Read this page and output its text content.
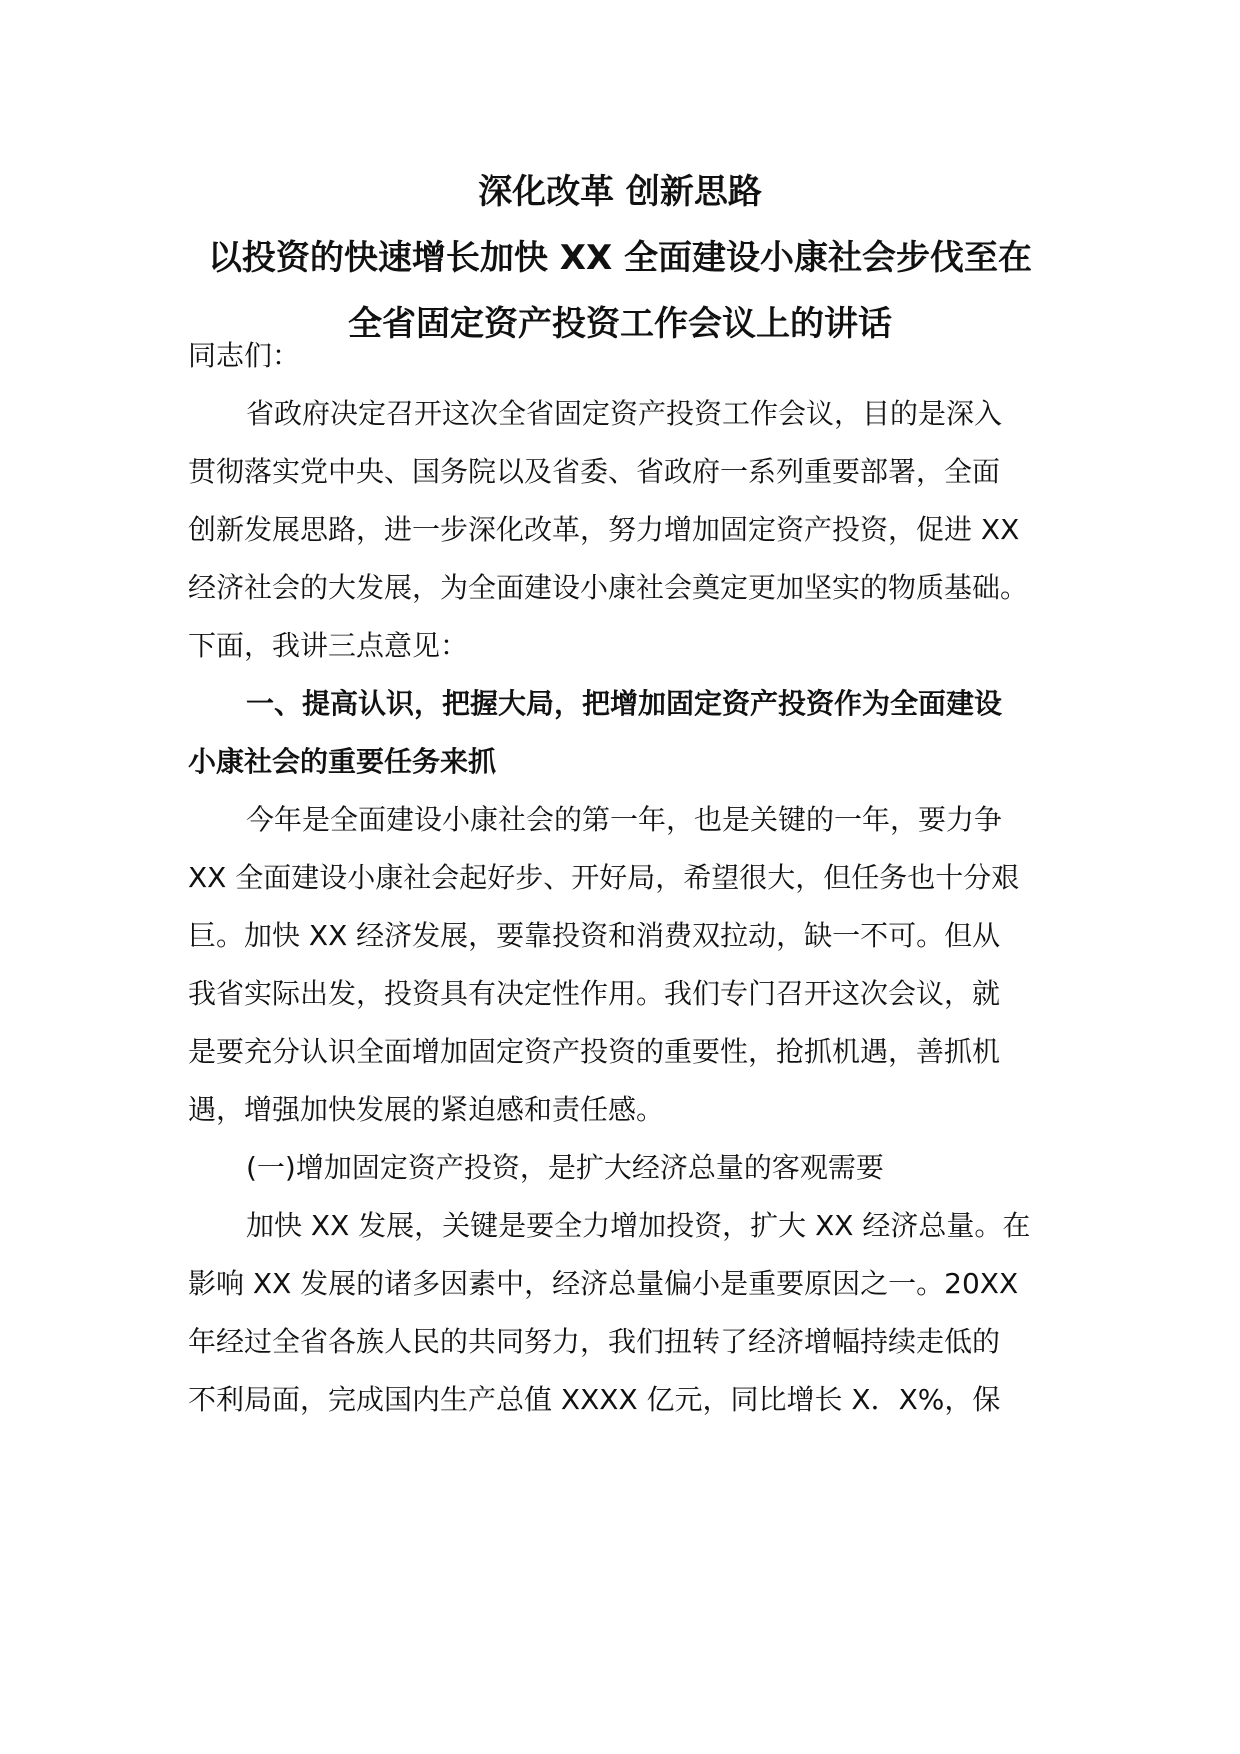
深化改革 创新思路
以投资的快速增长加快 XX 全面建设小康社会步伐至在
全省固定资产投资工作会议上的讲话
同志们：
省政府决定召开这次全省固定资产投资工作会议，目的是深入
贯彻落实党中央、国务院以及省委、省政府一系列重要部署，全面
创新发展思路，进一步深化改革，努力增加固定资产投资，促进 XX
经济社会的大发展，为全面建设小康社会奠定更加坚实的物质基础。
下面，我讲三点意见：
一、提高认识，把握大局，把增加固定资产投资作为全面建设
小康社会的重要任务来抓
今年是全面建设小康社会的第一年，也是关键的一年，要力争
XX 全面建设小康社会起好步、开好局，希望很大，但任务也十分艰
巨。加快 XX 经济发展，要靠投资和消费双拉动，缺一不可。但从
我省实际出发，投资具有决定性作用。我们专门召开这次会议，就
是要充分认识全面增加固定资产投资的重要性，抢抓机遇，善抓机
遇，增强加快发展的紧迫感和责任感。
(一)增加固定资产投资，是扩大经济总量的客观需要
加快 XX 发展，关键是要全力增加投资，扩大 XX 经济总量。在
影响 XX 发展的诸多因素中，经济总量偏小是重要原因之一。20XX
年经过全省各族人民的共同努力，我们扭转了经济增幅持续走低的
不利局面，完成国内生产总值 XXXX 亿元，同比增长 X．X%，保
